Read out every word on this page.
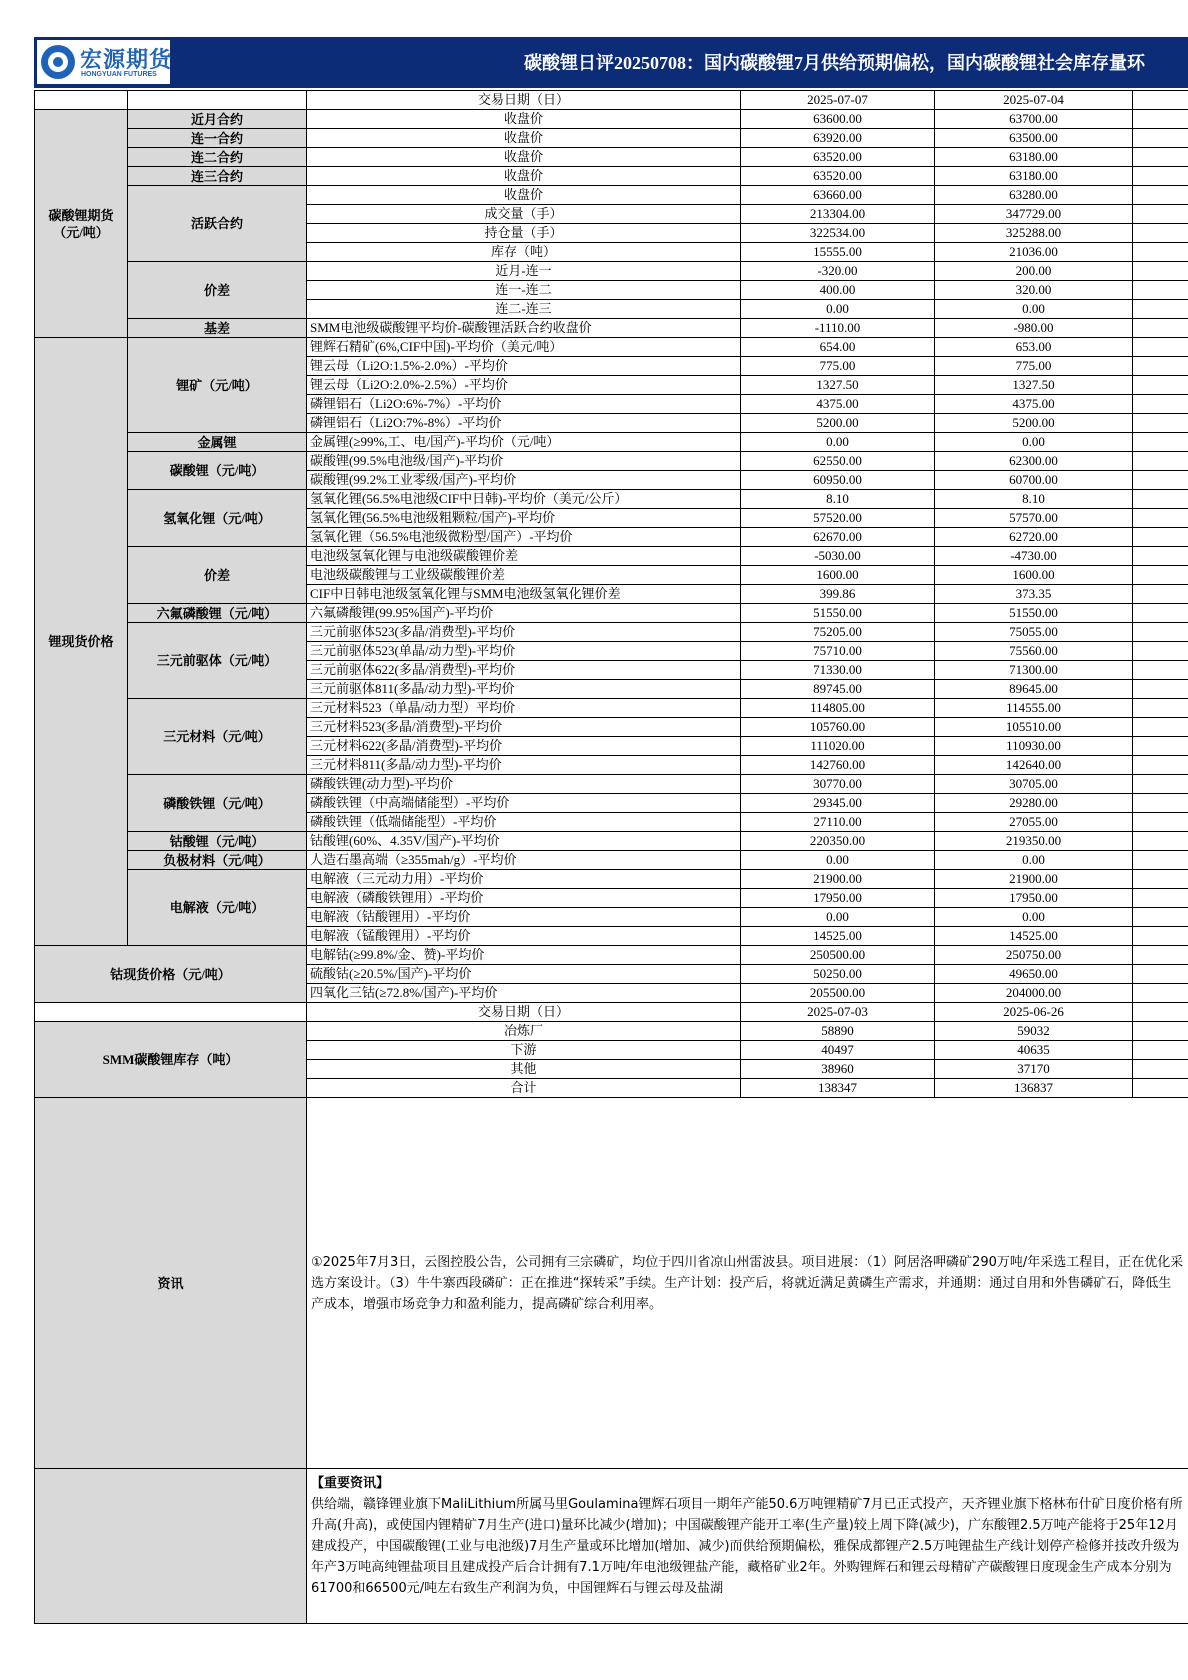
宏源期货
HONGYUAN FUTURES
碳酸锂日评20250708：国内碳酸锂7月供给预期偏松，国内碳酸锂社会库存量环
		交易日期（日）	2025-07-07	2025-07-04	
碳酸锂期货（元/吨）	近月合约	收盘价	63600.00	63700.00	
	连一合约	收盘价	63920.00	63500.00	
	连二合约	收盘价	63520.00	63180.00	
	连三合约	收盘价	63520.00	63180.00	
	活跃合约	收盘价	63660.00	63280.00	
		成交量（手）	213304.00	347729.00	
		持仓量（手）	322534.00	325288.00	
		库存（吨）	15555.00	21036.00	
	价差	近月-连一	-320.00	200.00	
		连一-连二	400.00	320.00	
		连二-连三	0.00	0.00	
	基差	SMM电池级碳酸锂平均价-碳酸锂活跃合约收盘价	-1110.00	-980.00	
锂现货价格	锂矿（元/吨）	锂辉石精矿(6%,CIF中国)-平均价（美元/吨）	654.00	653.00	
		锂云母（Li2O:1.5%-2.0%）-平均价	775.00	775.00	
		锂云母（Li2O:2.0%-2.5%）-平均价	1327.50	1327.50	
		磷锂铝石（Li2O:6%-7%）-平均价	4375.00	4375.00	
		磷锂铝石（Li2O:7%-8%）-平均价	5200.00	5200.00	
	金属锂	金属锂(≥99%,工、电/国产)-平均价（元/吨）	0.00	0.00	
	碳酸锂（元/吨）	碳酸锂(99.5%电池级/国产)-平均价	62550.00	62300.00	
		碳酸锂(99.2%工业零级/国产)-平均价	60950.00	60700.00	
	氢氧化锂（元/吨）	氢氧化锂(56.5%电池级CIF中日韩)-平均价（美元/公斤）	8.10	8.10	
		氢氧化锂(56.5%电池级粗颗粒/国产)-平均价	57520.00	57570.00	
		氢氧化锂（56.5%电池级微粉型/国产）-平均价	62670.00	62720.00	
	价差	电池级氢氧化锂与电池级碳酸锂价差	-5030.00	-4730.00	
		电池级碳酸锂与工业级碳酸锂价差	1600.00	1600.00	
		CIF中日韩电池级氢氧化锂与SMM电池级氢氧化锂价差	399.86	373.35	
	六氟磷酸锂（元/吨）	六氟磷酸锂(99.95%国产)-平均价	51550.00	51550.00	
	三元前驱体（元/吨）	三元前驱体523(多晶/消费型)-平均价	75205.00	75055.00	
		三元前驱体523(单晶/动力型)-平均价	75710.00	75560.00	
		三元前驱体622(多晶/消费型)-平均价	71330.00	71300.00	
		三元前驱体811(多晶/动力型)-平均价	89745.00	89645.00	
	三元材料（元/吨）	三元材料523（单晶/动力型）平均价	114805.00	114555.00	
		三元材料523(多晶/消费型)-平均价	105760.00	105510.00	
		三元材料622(多晶/消费型)-平均价	111020.00	110930.00	
		三元材料811(多晶/动力型)-平均价	142760.00	142640.00	
	磷酸铁锂（元/吨）	磷酸铁锂(动力型)-平均价	30770.00	30705.00	
		磷酸铁锂（中高端储能型）-平均价	29345.00	29280.00	
		磷酸铁锂（低端储能型）-平均价	27110.00	27055.00	
	钴酸锂（元/吨）	钴酸锂(60%、4.35V/国产)-平均价	220350.00	219350.00	
	负极材料（元/吨）	人造石墨高端（≥355mah/g）-平均价	0.00	0.00	
	电解液（元/吨）	电解液（三元动力用）-平均价	21900.00	21900.00	
		电解液（磷酸铁锂用）-平均价	17950.00	17950.00	
		电解液（钴酸锂用）-平均价	0.00	0.00	
		电解液（锰酸锂用）-平均价	14525.00	14525.00	
钴现货价格（元/吨）		电解钴(≥99.8%/金、赞)-平均价	250500.00	250750.00	
		硫酸钴(≥20.5%/国产)-平均价	50250.00	49650.00	
		四氧化三钴(≥72.8%/国产)-平均价	205500.00	204000.00	
		交易日期（日）	2025-07-03	2025-06-26	
SMM碳酸锂库存（吨）		冶炼厂	58890	59032	
		下游	40497	40635	
		其他	38960	37170	
		合计	138347	136837	
资讯		①2025年7月3日，云图控股公告，公司拥有三宗磷矿，均位于四川省凉山州雷波县。项目进展：（1）阿居洛呷磷矿290万吨/年采选工程目，正在优化采选方案设计。（3）牛牛寨西段磷矿：正在推进“探转采”手续。生产计划：投产后，将就近满足黄磷生产需求，并通期：通过自用和外售磷矿石，降低生产成本，增强市场竞争力和盈利能力，提高磷矿综合利用率。			

		【重要资讯】
供给端，赣锋锂业旗下MaliLithium所属马里Goulamina锂辉石项目一期年产能50.6万吨锂精矿7月已正式投产，天齐锂业旗下格林布什矿日度价格有所升高(升高)，或使国内锂精矿7月生产(进口)量环比减少(增加)；中国碳酸锂产能开工率(生产量)较上周下降(减少)，广东酸锂2.5万吨产能将于25年12月建成投产，中国碳酸锂(工业与电池级)7月生产量或环比增加(增加、减少)而供给预期偏松，雅保成都锂产2.5万吨锂盐生产线计划停产检修并技改升级为年产3万吨高纯锂盐项目且建成投产后合计拥有7.1万吨/年电池级锂盐产能，藏格矿业2年。外购锂辉石和锂云母精矿产碳酸锂日度现金生产成本分别为61700和66500元/吨左右致生产利润为负，中国锂辉石与锂云母及盐湖			
